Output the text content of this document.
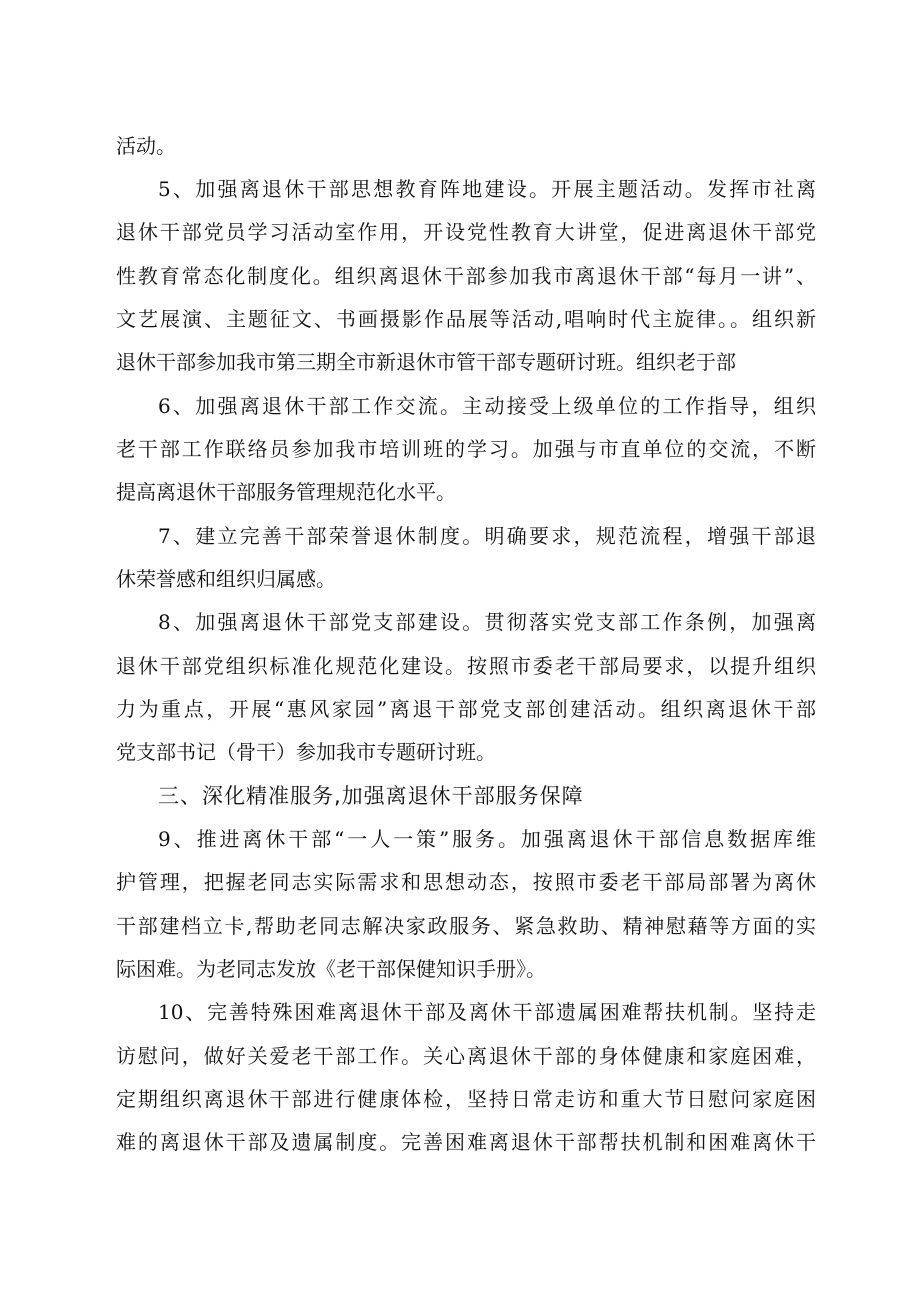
活动。
5、加强离退休干部思想教育阵地建设。开展主题活动。发挥市社离
退休干部党员学习活动室作用，开设党性教育大讲堂，促进离退休干部党
性教育常态化制度化。组织离退休干部参加我市离退休干部“每月一讲”、
文艺展演、主题征文、书画摄影作品展等活动,唱响时代主旋律。。组织新
退休干部参加我市第三期全市新退休市管干部专题研讨班。组织老于部
6、加强离退休干部工作交流。主动接受上级单位的工作指导，组织
老干部工作联络员参加我市培训班的学习。加强与市直单位的交流，不断
提高离退休干部服务管理规范化水平。
7、建立完善干部荣誉退休制度。明确要求，规范流程，增强干部退
休荣誉感和组织归属感。
8、加强离退休干部党支部建设。贯彻落实党支部工作条例，加强离
退休干部党组织标准化规范化建设。按照市委老干部局要求，以提升组织
力为重点，开展“惠风家园”离退干部党支部创建活动。组织离退休干部
党支部书记（骨干）参加我市专题研讨班。
三、深化精准服务,加强离退休干部服务保障
9、推进离休干部“一人一策”服务。加强离退休干部信息数据库维
护管理，把握老同志实际需求和思想动态，按照市委老干部局部署为离休
干部建档立卡,帮助老同志解决家政服务、紧急救助、精神慰藉等方面的实
际困难。为老同志发放《老干部保健知识手册》。
10、完善特殊困难离退休干部及离休干部遗属困难帮扶机制。坚持走
访慰问，做好关爱老干部工作。关心离退休干部的身体健康和家庭困难，
定期组织离退休干部进行健康体检，坚持日常走访和重大节日慰问家庭困
难的离退休干部及遗属制度。完善困难离退休干部帮扶机制和困难离休干
